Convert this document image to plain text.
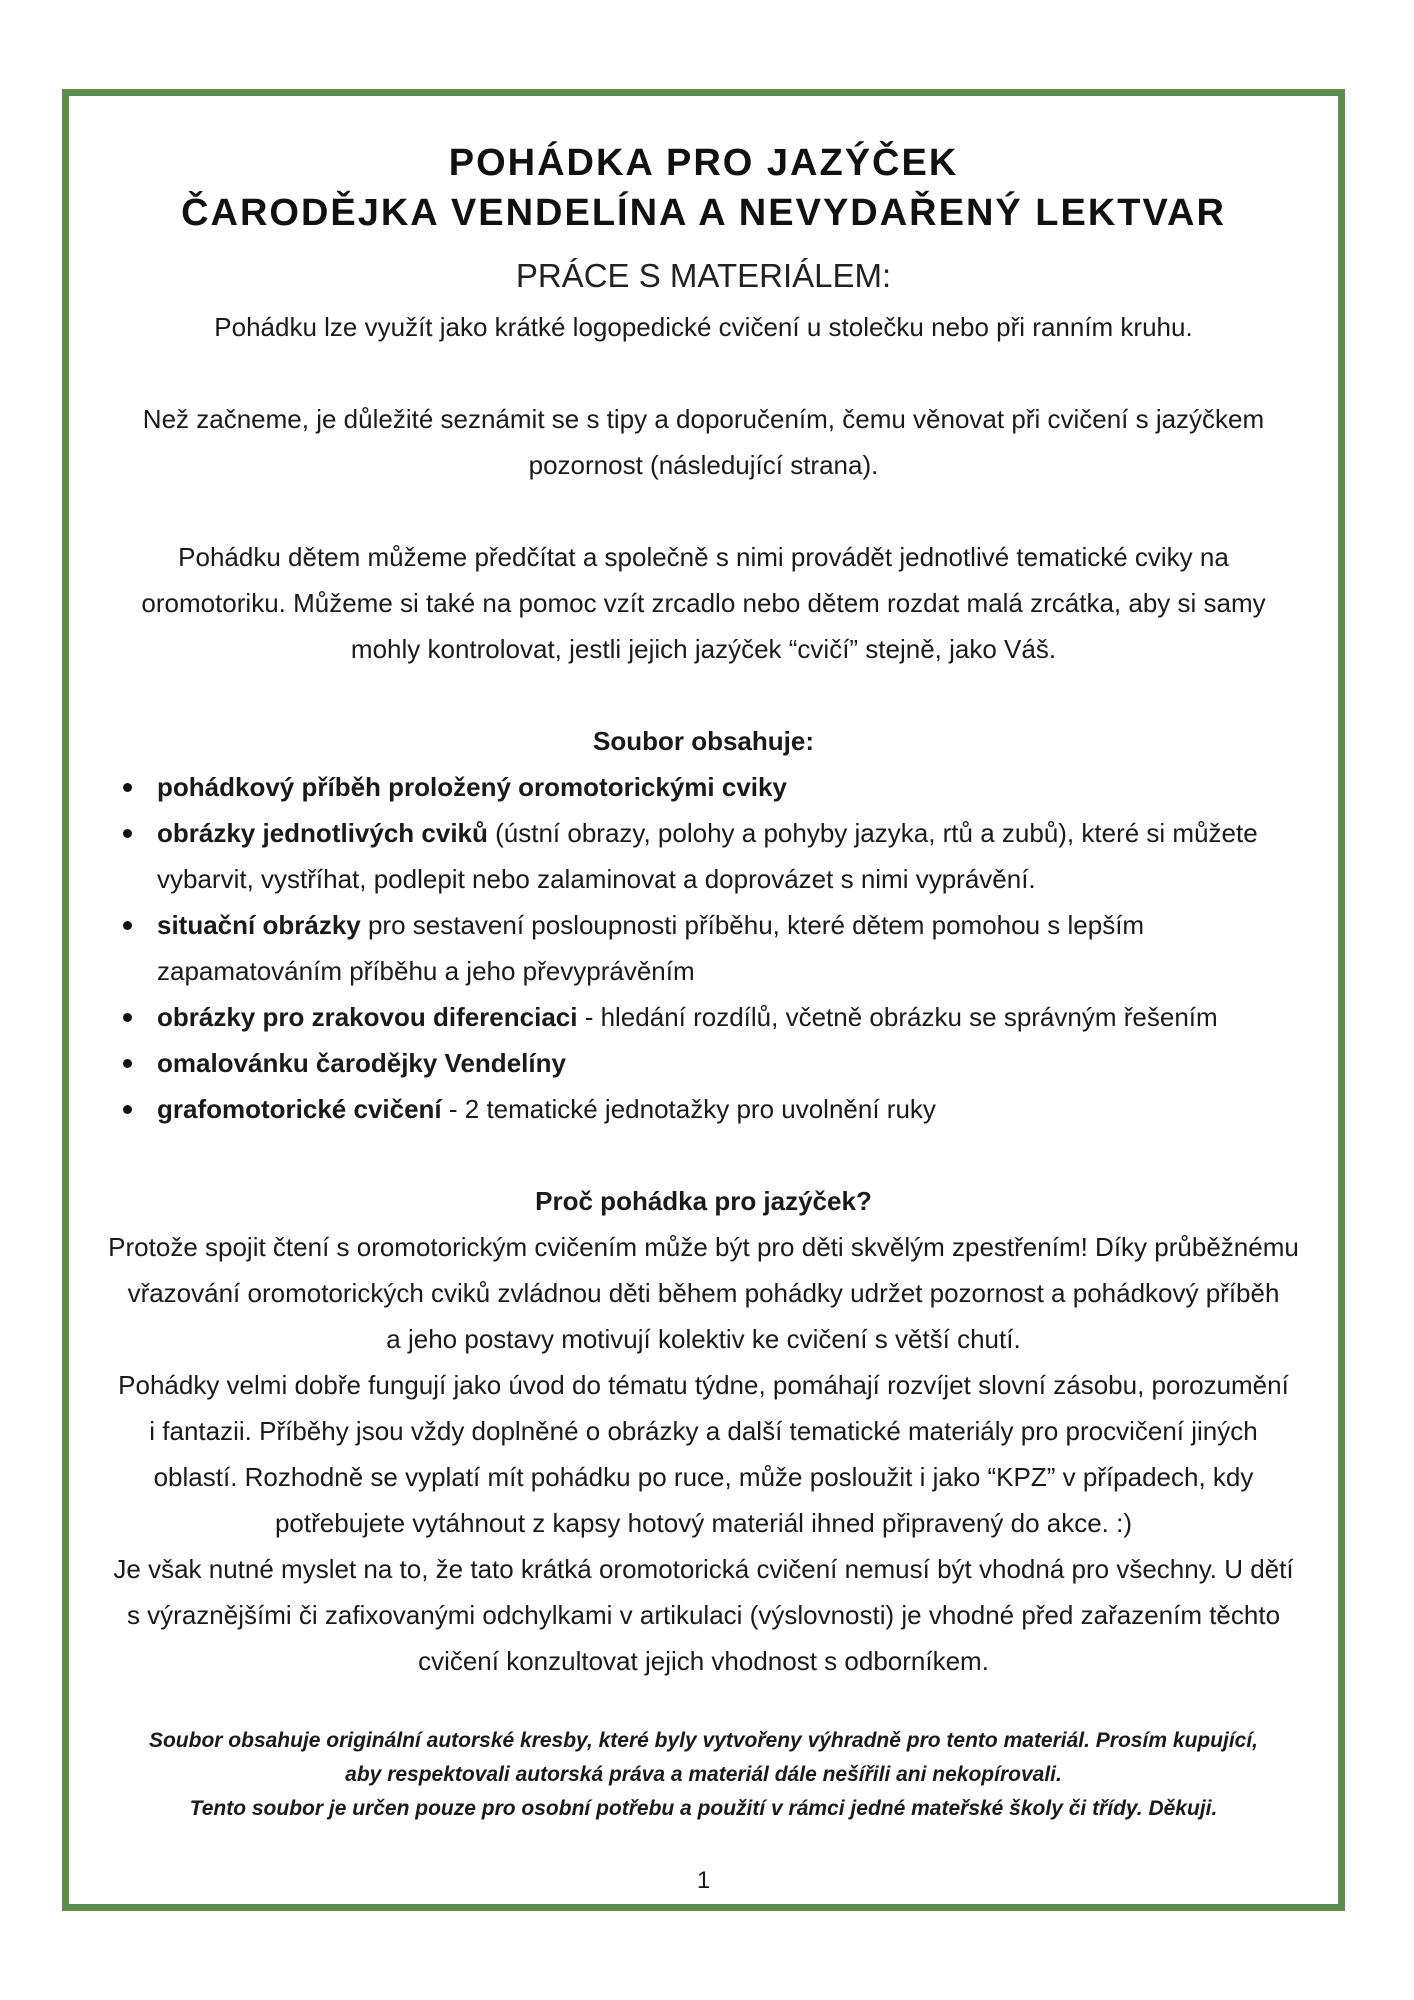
POHÁDKA PRO JAZÝČEK
ČARODĚJKA VENDELÍNA A NEVYDAŘENÝ LEKTVAR
PRÁCE S MATERIÁLEM:

Pohádku lze využít jako krátké logopedické cvičení u stolečku nebo při ranním kruhu.

Než začneme, je důležité seznámit se s tipy a doporučením, čemu věnovat při cvičení s jazýčkem

pozornost (následující strana).

Pohádku dětem můžeme předčítat a společně s nimi provádět jednotlivé tematické cviky na

oromotoriku. Můžeme si také na pomoc vzít zrcadlo nebo dětem rozdat malá zrcátka, aby si samy

mohly kontrolovat, jestli jejich jazýček “cvičí” stejně, jako Váš.

Soubor obsahuje:

pohádkový příběh proložený oromotorickými cviky
obrázky jednotlivých cviků (ústní obrazy, polohy a pohyby jazyka, rtů a zubů), které si můžete vybarvit, vystříhat, podlepit nebo zalaminovat a doprovázet s nimi vyprávění.
situační obrázky pro sestavení posloupnosti příběhu, které dětem pomohou s lepším zapamatováním příběhu a jeho převyprávěním
obrázky pro zrakovou diferenciaci - hledání rozdílů, včetně obrázku se správným řešením
omalovánku čarodějky Vendelíny
grafomotorické cvičení - 2 tematické jednotažky pro uvolnění ruky

Proč pohádka pro jazýček?

Protože spojit čtení s oromotorickým cvičením může být pro děti skvělým zpestřením! Díky průběžnému

vřazování oromotorických cviků zvládnou děti během pohádky udržet pozornost a pohádkový příběh

a jeho postavy motivují kolektiv ke cvičení s větší chutí.

Pohádky velmi dobře fungují jako úvod do tématu týdne, pomáhají rozvíjet slovní zásobu, porozumění

i fantazii. Příběhy jsou vždy doplněné o obrázky a další tematické materiály pro procvičení jiných

oblastí. Rozhodně se vyplatí mít pohádku po ruce, může posloužit i jako “KPZ” v případech, kdy

potřebujete vytáhnout z kapsy hotový materiál ihned připravený do akce. :)

Je však nutné myslet na to, že tato krátká oromotorická cvičení nemusí být vhodná pro všechny. U dětí

s výraznějšími či zafixovanými odchylkami v artikulaci (výslovnosti) je vhodné před zařazením těchto

cvičení konzultovat jejich vhodnost s odborníkem.

Soubor obsahuje originální autorské kresby, které byly vytvořeny výhradně pro tento materiál. Prosím kupující,

aby respektovali autorská práva a materiál dále nešířili ani nekopírovali.

Tento soubor je určen pouze pro osobní potřebu a použití v rámci jedné mateřské školy či třídy. Děkuji.

1
